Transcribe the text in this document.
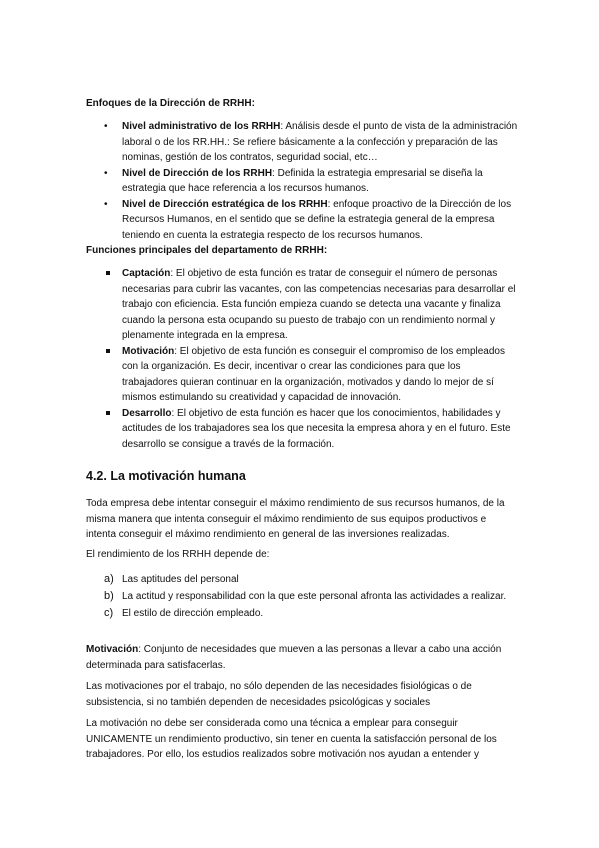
Enfoques de la Dirección de RRHH:
• Nivel administrativo de los RRHH: Análisis desde el punto de vista de la administración laboral o de los RR.HH.: Se refiere básicamente a la confección y preparación de las nominas, gestión de los contratos, seguridad social, etc…
• Nivel de Dirección de los RRHH: Definida la estrategia empresarial se diseña la estrategia que hace referencia a los recursos humanos.
• Nivel de Dirección estratégica de los RRHH: enfoque proactivo de la Dirección de los Recursos Humanos, en el sentido que se define la estrategia general de la empresa teniendo en cuenta la estrategia respecto de los recursos humanos.
Funciones principales del departamento de RRHH:
Captación: El objetivo de esta función es tratar de conseguir el número de personas necesarias para cubrir las vacantes, con las competencias necesarias para desarrollar el trabajo con eficiencia. Esta función empieza cuando se detecta una vacante y finaliza cuando la persona esta ocupando su puesto de trabajo con un rendimiento normal y plenamente integrada en la empresa.
Motivación: El objetivo de esta función es conseguir el compromiso de los empleados con la organización. Es decir, incentivar o crear las condiciones para que los trabajadores quieran continuar en la organización, motivados y dando lo mejor de sí mismos estimulando su creatividad y capacidad de innovación.
Desarrollo: El objetivo de esta función es hacer que los conocimientos, habilidades y actitudes de los trabajadores sea los que necesita la empresa ahora y en el futuro. Este desarrollo se consigue a través de la formación.
4.2. La motivación humana

Toda empresa debe intentar conseguir el máximo rendimiento de sus recursos humanos, de la misma manera que intenta conseguir el máximo rendimiento de sus equipos productivos e intenta conseguir el máximo rendimiento en general de las inversiones realizadas.

El rendimiento de los RRHH depende de:

a) Las aptitudes del personal
b) La actitud y responsabilidad con la que este personal afronta las actividades a realizar.
c) El estilo de dirección empleado.

Motivación: Conjunto de necesidades que mueven a las personas a llevar a cabo una acción determinada para satisfacerlas.

Las motivaciones por el trabajo, no sólo dependen de las necesidades fisiológicas o de subsistencia, si no también dependen de necesidades psicológicas y sociales

La motivación no debe ser considerada como una técnica a emplear para conseguir UNICAMENTE un rendimiento productivo, sin tener en cuenta la satisfacción personal de los trabajadores. Por ello, los estudios realizados sobre motivación nos ayudan a entender y
